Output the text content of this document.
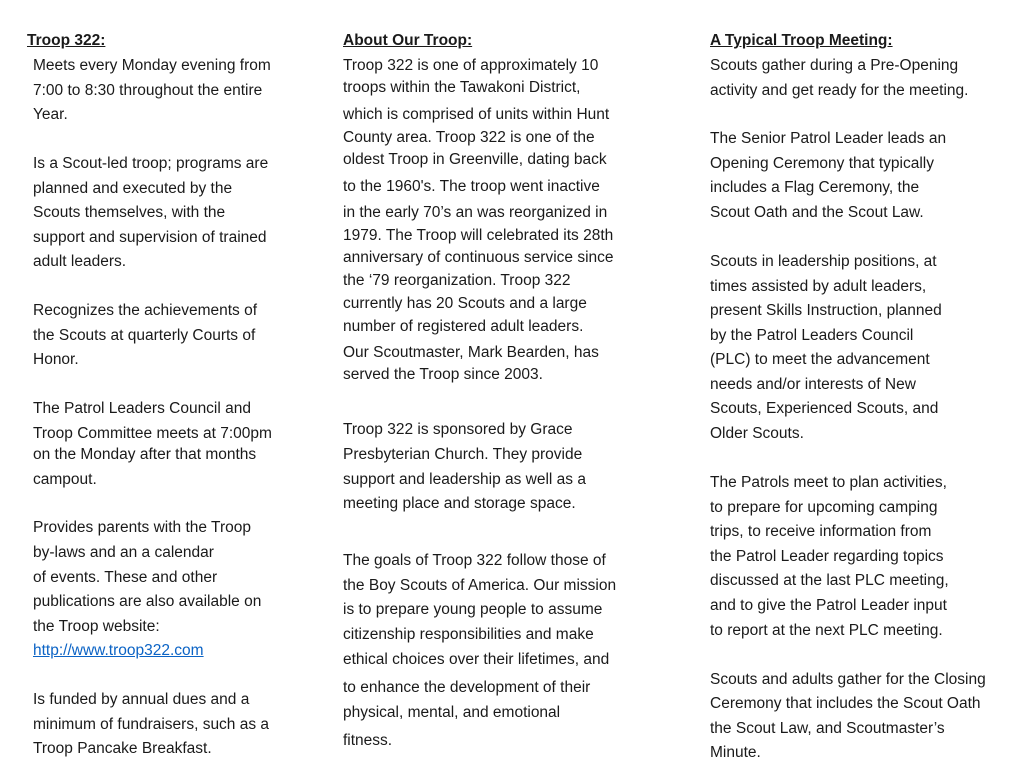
Troop 322:
Meets every Monday evening from
7:00 to 8:30 throughout the entire
Year.
Is a Scout-led troop; programs are
planned and executed by the
Scouts themselves, with the
support and supervision of trained
adult leaders.
Recognizes the achievements of
the Scouts at quarterly Courts of
Honor.
The Patrol Leaders Council and
Troop Committee meets at 7:00pm
on the Monday after that months
campout.
Provides parents with the Troop
by-laws and an a calendar
of events. These and other
publications are also available on
the Troop website:
http://www.troop322.com
Is funded by annual dues and a
minimum of fundraisers, such as a
Troop Pancake Breakfast.
About Our Troop:
Troop 322 is one of approximately 10
troops within the Tawakoni District,
which is comprised of units within Hunt
County area. Troop 322 is one of the
oldest Troop in Greenville, dating back
to the 1960's. The troop went inactive
in the early 70’s an was reorganized in
1979. The Troop will celebrated its 28th
anniversary of continuous service since
the ‘79 reorganization. Troop 322
currently has 20 Scouts and a large
number of registered adult leaders.
Our Scoutmaster, Mark Bearden, has
served the Troop since 2003.
Troop 322 is sponsored by Grace
Presbyterian Church. They provide
support and leadership as well as a
meeting place and storage space.
The goals of Troop 322 follow those of
the Boy Scouts of America. Our mission
is to prepare young people to assume
citizenship responsibilities and make
ethical choices over their lifetimes, and
to enhance the development of their
physical, mental, and emotional
fitness.
A Typical Troop Meeting:
Scouts gather during a Pre-Opening
activity and get ready for the meeting.
The Senior Patrol Leader leads an
Opening Ceremony that typically
includes a Flag Ceremony, the
Scout Oath and the Scout Law.
Scouts in leadership positions, at
times assisted by adult leaders,
present Skills Instruction, planned
by the Patrol Leaders Council
(PLC) to meet the advancement
needs and/or interests of New
Scouts, Experienced Scouts, and
Older Scouts.
The Patrols meet to plan activities,
to prepare for upcoming camping
trips, to receive information from
the Patrol Leader regarding topics
discussed at the last PLC meeting,
and to give the Patrol Leader input
to report at the next PLC meeting.
Scouts and adults gather for the Closing
Ceremony that includes the Scout Oath
the Scout Law, and Scoutmaster’s
Minute.
